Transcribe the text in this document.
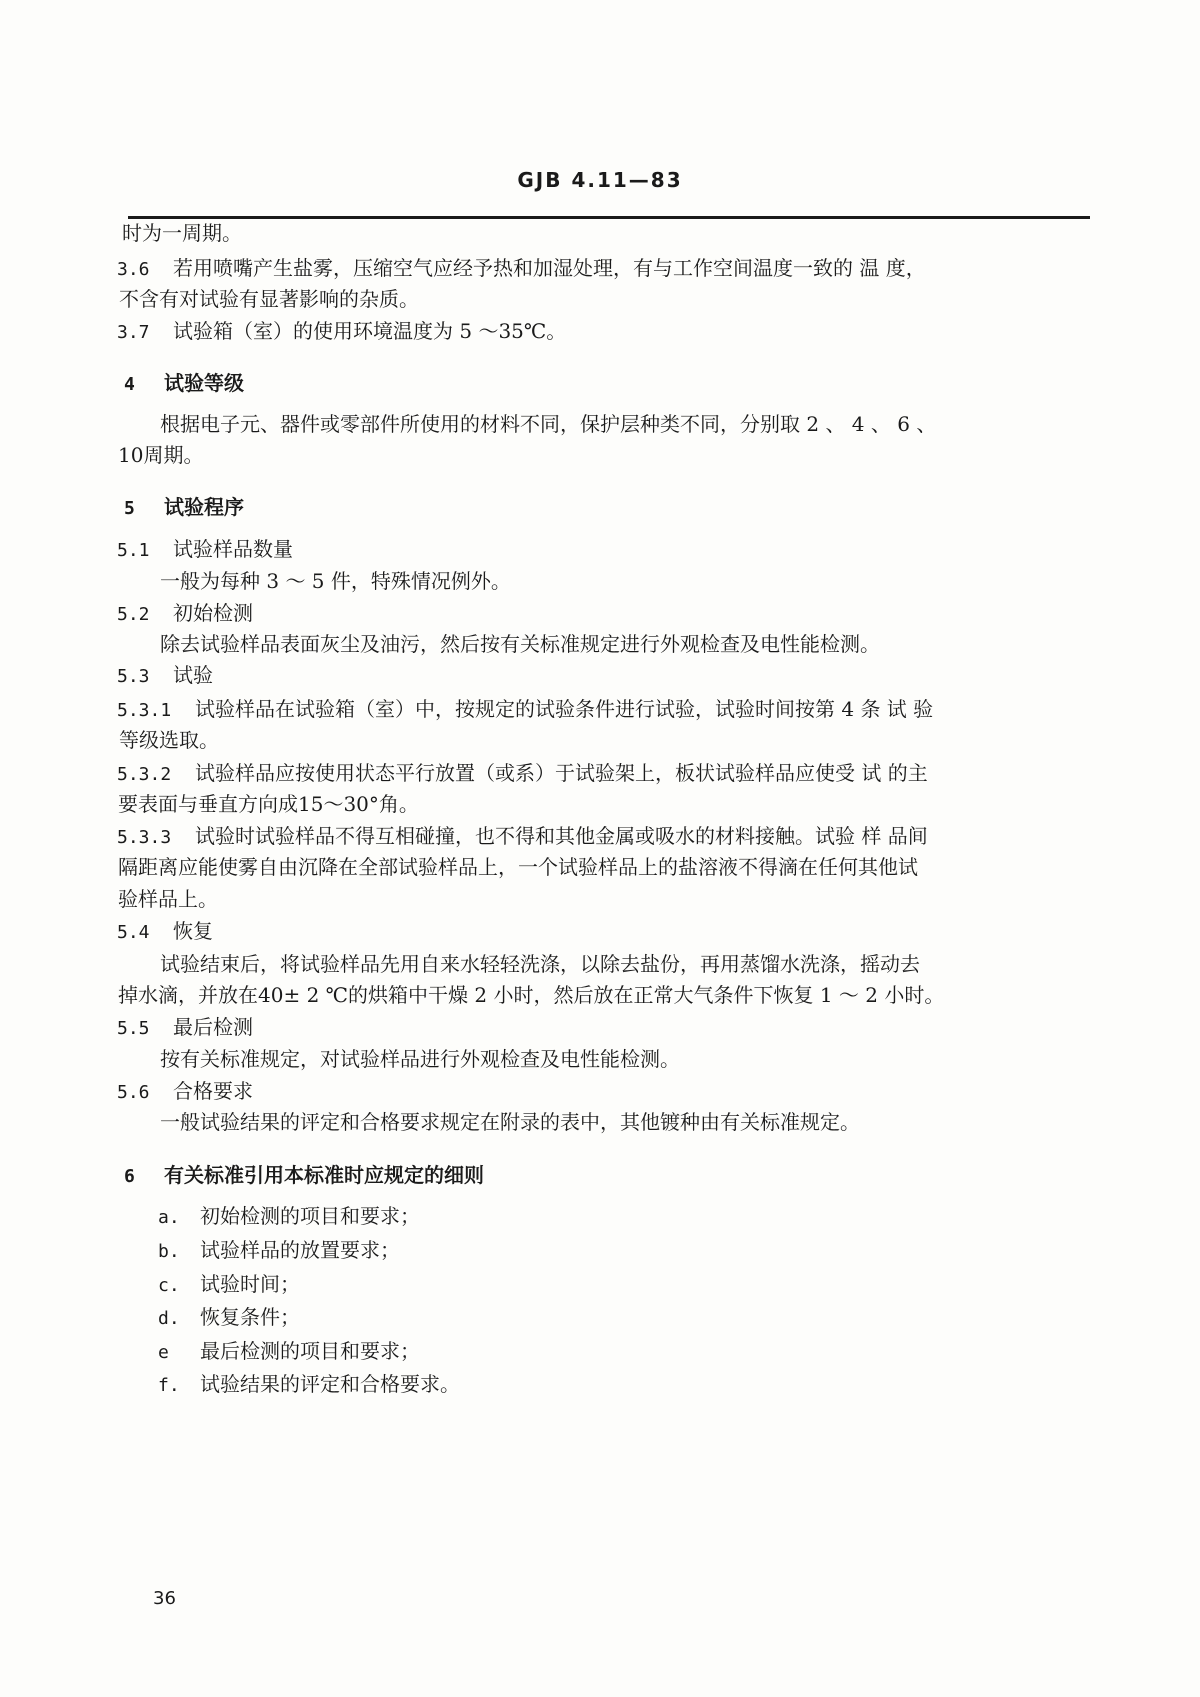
GJB 4.11—83
时为一周期。
3.6 若用喷嘴产生盐雾，压缩空气应经予热和加湿处理，有与工作空间温度一致的 温 度，
不含有对试验有显著影响的杂质。
3.7 试验箱（室）的使用环境温度为 5 ～35℃。
4 试验等级
根据电子元、器件或零部件所使用的材料不同，保护层种类不同，分别取 2 、 4 、 6 、
10周期。
5 试验程序
5.1 试验样品数量
一般为每种 3 ～ 5 件，特殊情况例外。
5.2 初始检测
除去试验样品表面灰尘及油污，然后按有关标准规定进行外观检查及电性能检测。
5.3 试验
5.3.1 试验样品在试验箱（室）中，按规定的试验条件进行试验，试验时间按第 4 条 试 验
等级选取。
5.3.2 试验样品应按使用状态平行放置（或系）于试验架上，板状试验样品应使受 试 的主
要表面与垂直方向成15～30°角。
5.3.3 试验时试验样品不得互相碰撞，也不得和其他金属或吸水的材料接触。试验 样 品间
隔距离应能使雾自由沉降在全部试验样品上，一个试验样品上的盐溶液不得滴在任何其他试
验样品上。
5.4 恢复
试验结束后，将试验样品先用自来水轻轻洗涤，以除去盐份，再用蒸馏水洗涤，摇动去
掉水滴，并放在40± 2 ℃的烘箱中干燥 2 小时，然后放在正常大气条件下恢复 1 ～ 2 小时。
5.5 最后检测
按有关标准规定，对试验样品进行外观检查及电性能检测。
5.6 合格要求
一般试验结果的评定和合格要求规定在附录的表中，其他镀种由有关标准规定。
6 有关标准引用本标准时应规定的细则
a. 初始检测的项目和要求；
b. 试验样品的放置要求；
c. 试验时间；
d. 恢复条件；
e 最后检测的项目和要求；
f. 试验结果的评定和合格要求。
36
